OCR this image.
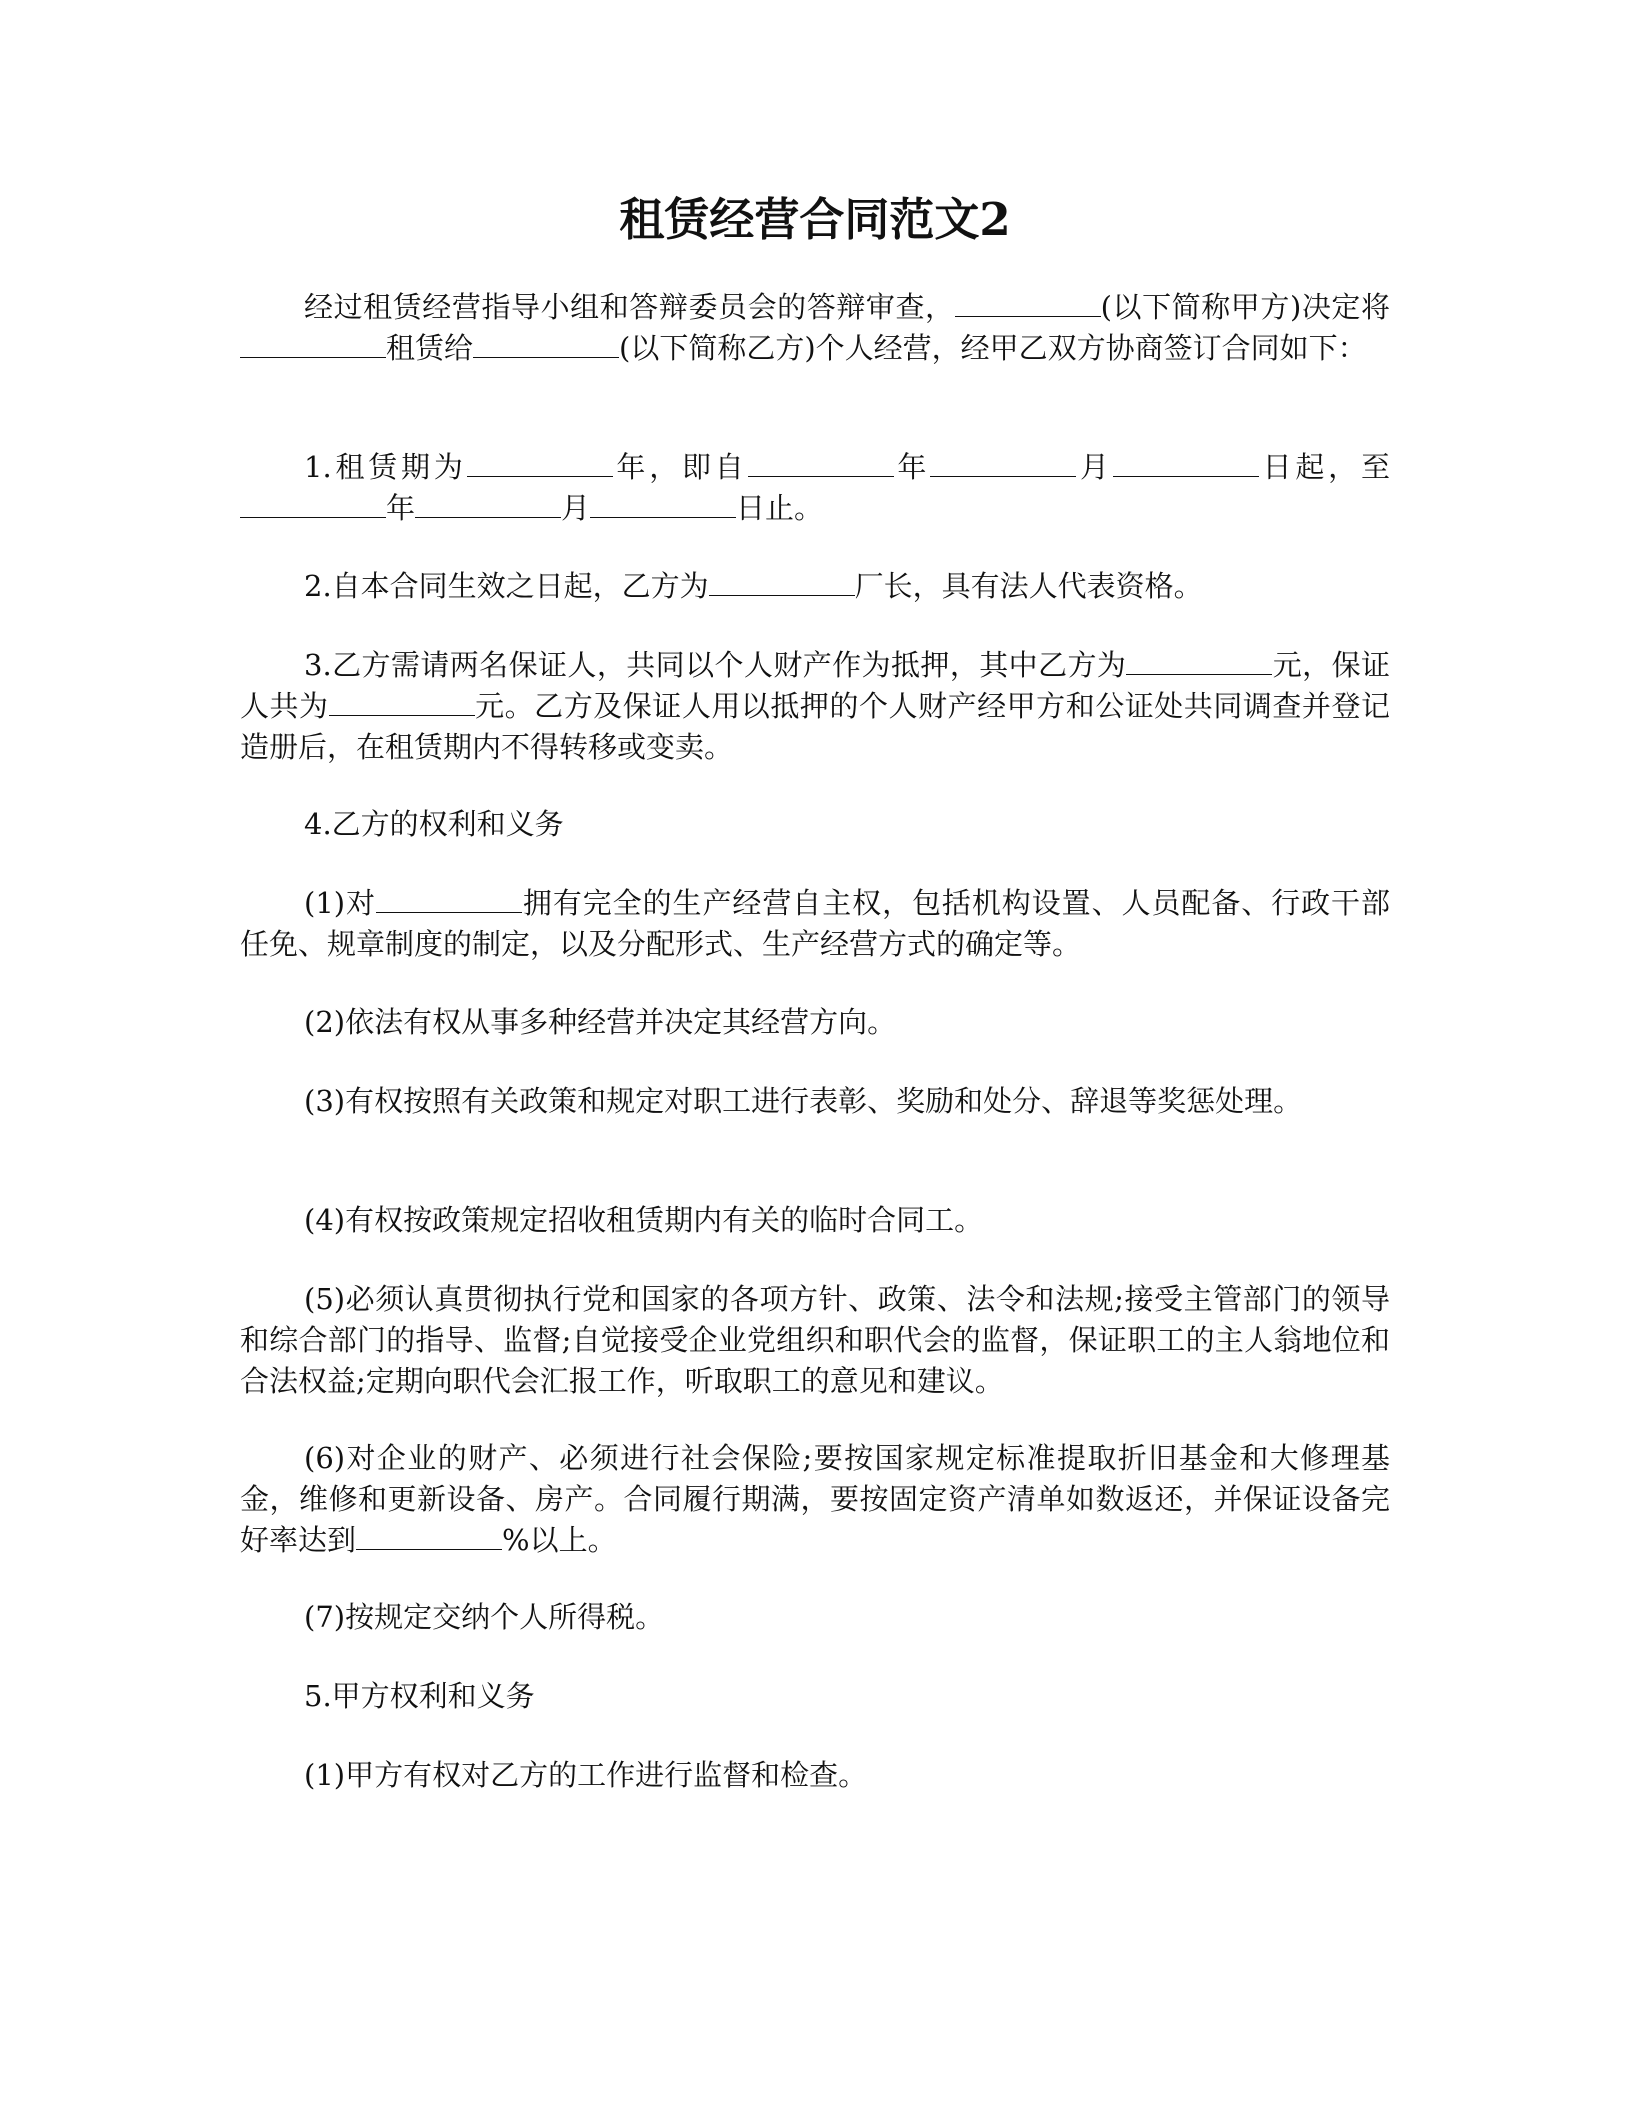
租赁经营合同范文2

经过租赁经营指导小组和答辩委员会的答辩审查，	(以下简称甲方)决定将租赁给	(以下简称乙方)个人经营，经甲乙双方协商签订合同如下：

1.租赁期为	年，即自	年	月	日起，至年	月	日止。

2.自本合同生效之日起，乙方为	厂长，具有法人代表资格。

3.乙方需请两名保证人，共同以个人财产作为抵押，其中乙方为	元，保证人共为	元。乙方及保证人用以抵押的个人财产经甲方和公证处共同调查并登记造册后，在租赁期内不得转移或变卖。

4.乙方的权利和义务

(1)对	拥有完全的生产经营自主权，包括机构设置、人员配备、行政干部任免、规章制度的制定，以及分配形式、生产经营方式的确定等。

(2)依法有权从事多种经营并决定其经营方向。

(3)有权按照有关政策和规定对职工进行表彰、奖励和处分、辞退等奖惩处理。

(4)有权按政策规定招收租赁期内有关的临时合同工。

(5)必须认真贯彻执行党和国家的各项方针、政策、法令和法规;接受主管部门的领导和综合部门的指导、监督;自觉接受企业党组织和职代会的监督，保证职工的主人翁地位和合法权益;定期向职代会汇报工作，听取职工的意见和建议。

(6)对企业的财产、必须进行社会保险;要按国家规定标准提取折旧基金和大修理基金，维修和更新设备、房产。合同履行期满，要按固定资产清单如数返还，并保证设备完好率达到	%以上。

(7)按规定交纳个人所得税。

5.甲方权利和义务

(1)甲方有权对乙方的工作进行监督和检查。
